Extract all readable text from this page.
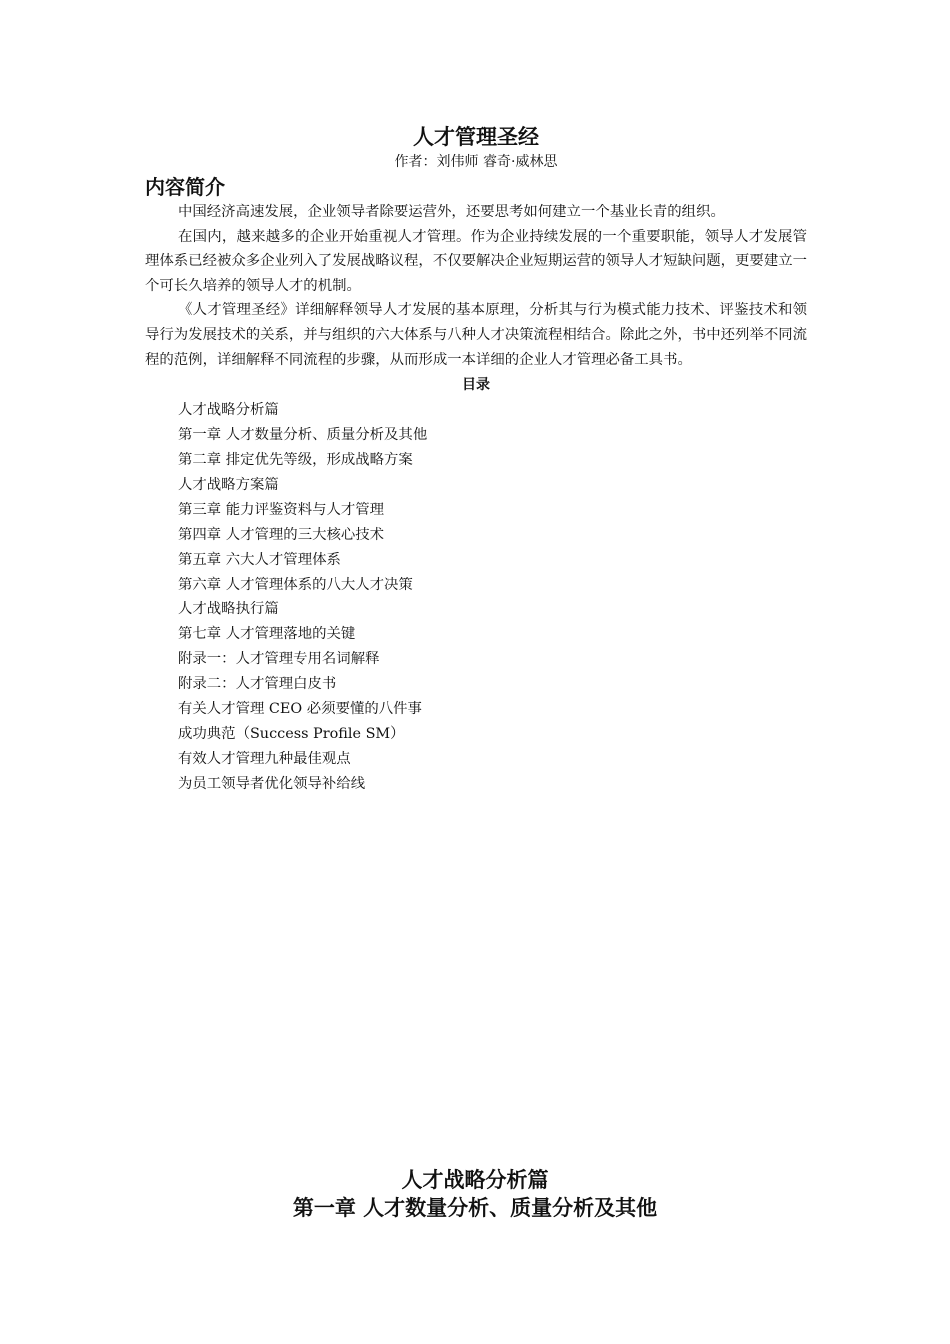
人才管理圣经

作者：刘伟师 睿奇·威林思

内容简介

中国经济高速发展，企业领导者除要运营外，还要思考如何建立一个基业长青的组织。

在国内，越来越多的企业开始重视人才管理。作为企业持续发展的一个重要职能，领导人才发展管理体系已经被众多企业列入了发展战略议程，不仅要解决企业短期运营的领导人才短缺问题，更要建立一个可长久培养的领导人才的机制。

《人才管理圣经》详细解释领导人才发展的基本原理，分析其与行为模式能力技术、评鉴技术和领导行为发展技术的关系，并与组织的六大体系与八种人才决策流程相结合。除此之外，书中还列举不同流程的范例，详细解释不同流程的步骤，从而形成一本详细的企业人才管理必备工具书。

目录
人才战略分析篇
第一章 人才数量分析、质量分析及其他
第二章 排定优先等级，形成战略方案
人才战略方案篇
第三章 能力评鉴资料与人才管理
第四章 人才管理的三大核心技术
第五章 六大人才管理体系
第六章 人才管理体系的八大人才决策
人才战略执行篇
第七章 人才管理落地的关键
附录一：人才管理专用名词解释
附录二：人才管理白皮书
有关人才管理 CEO 必须要懂的八件事
成功典范（Success Profile SM）
有效人才管理九种最佳观点
为员工领导者优化领导补给线
人才战略分析篇
第一章 人才数量分析、质量分析及其他
